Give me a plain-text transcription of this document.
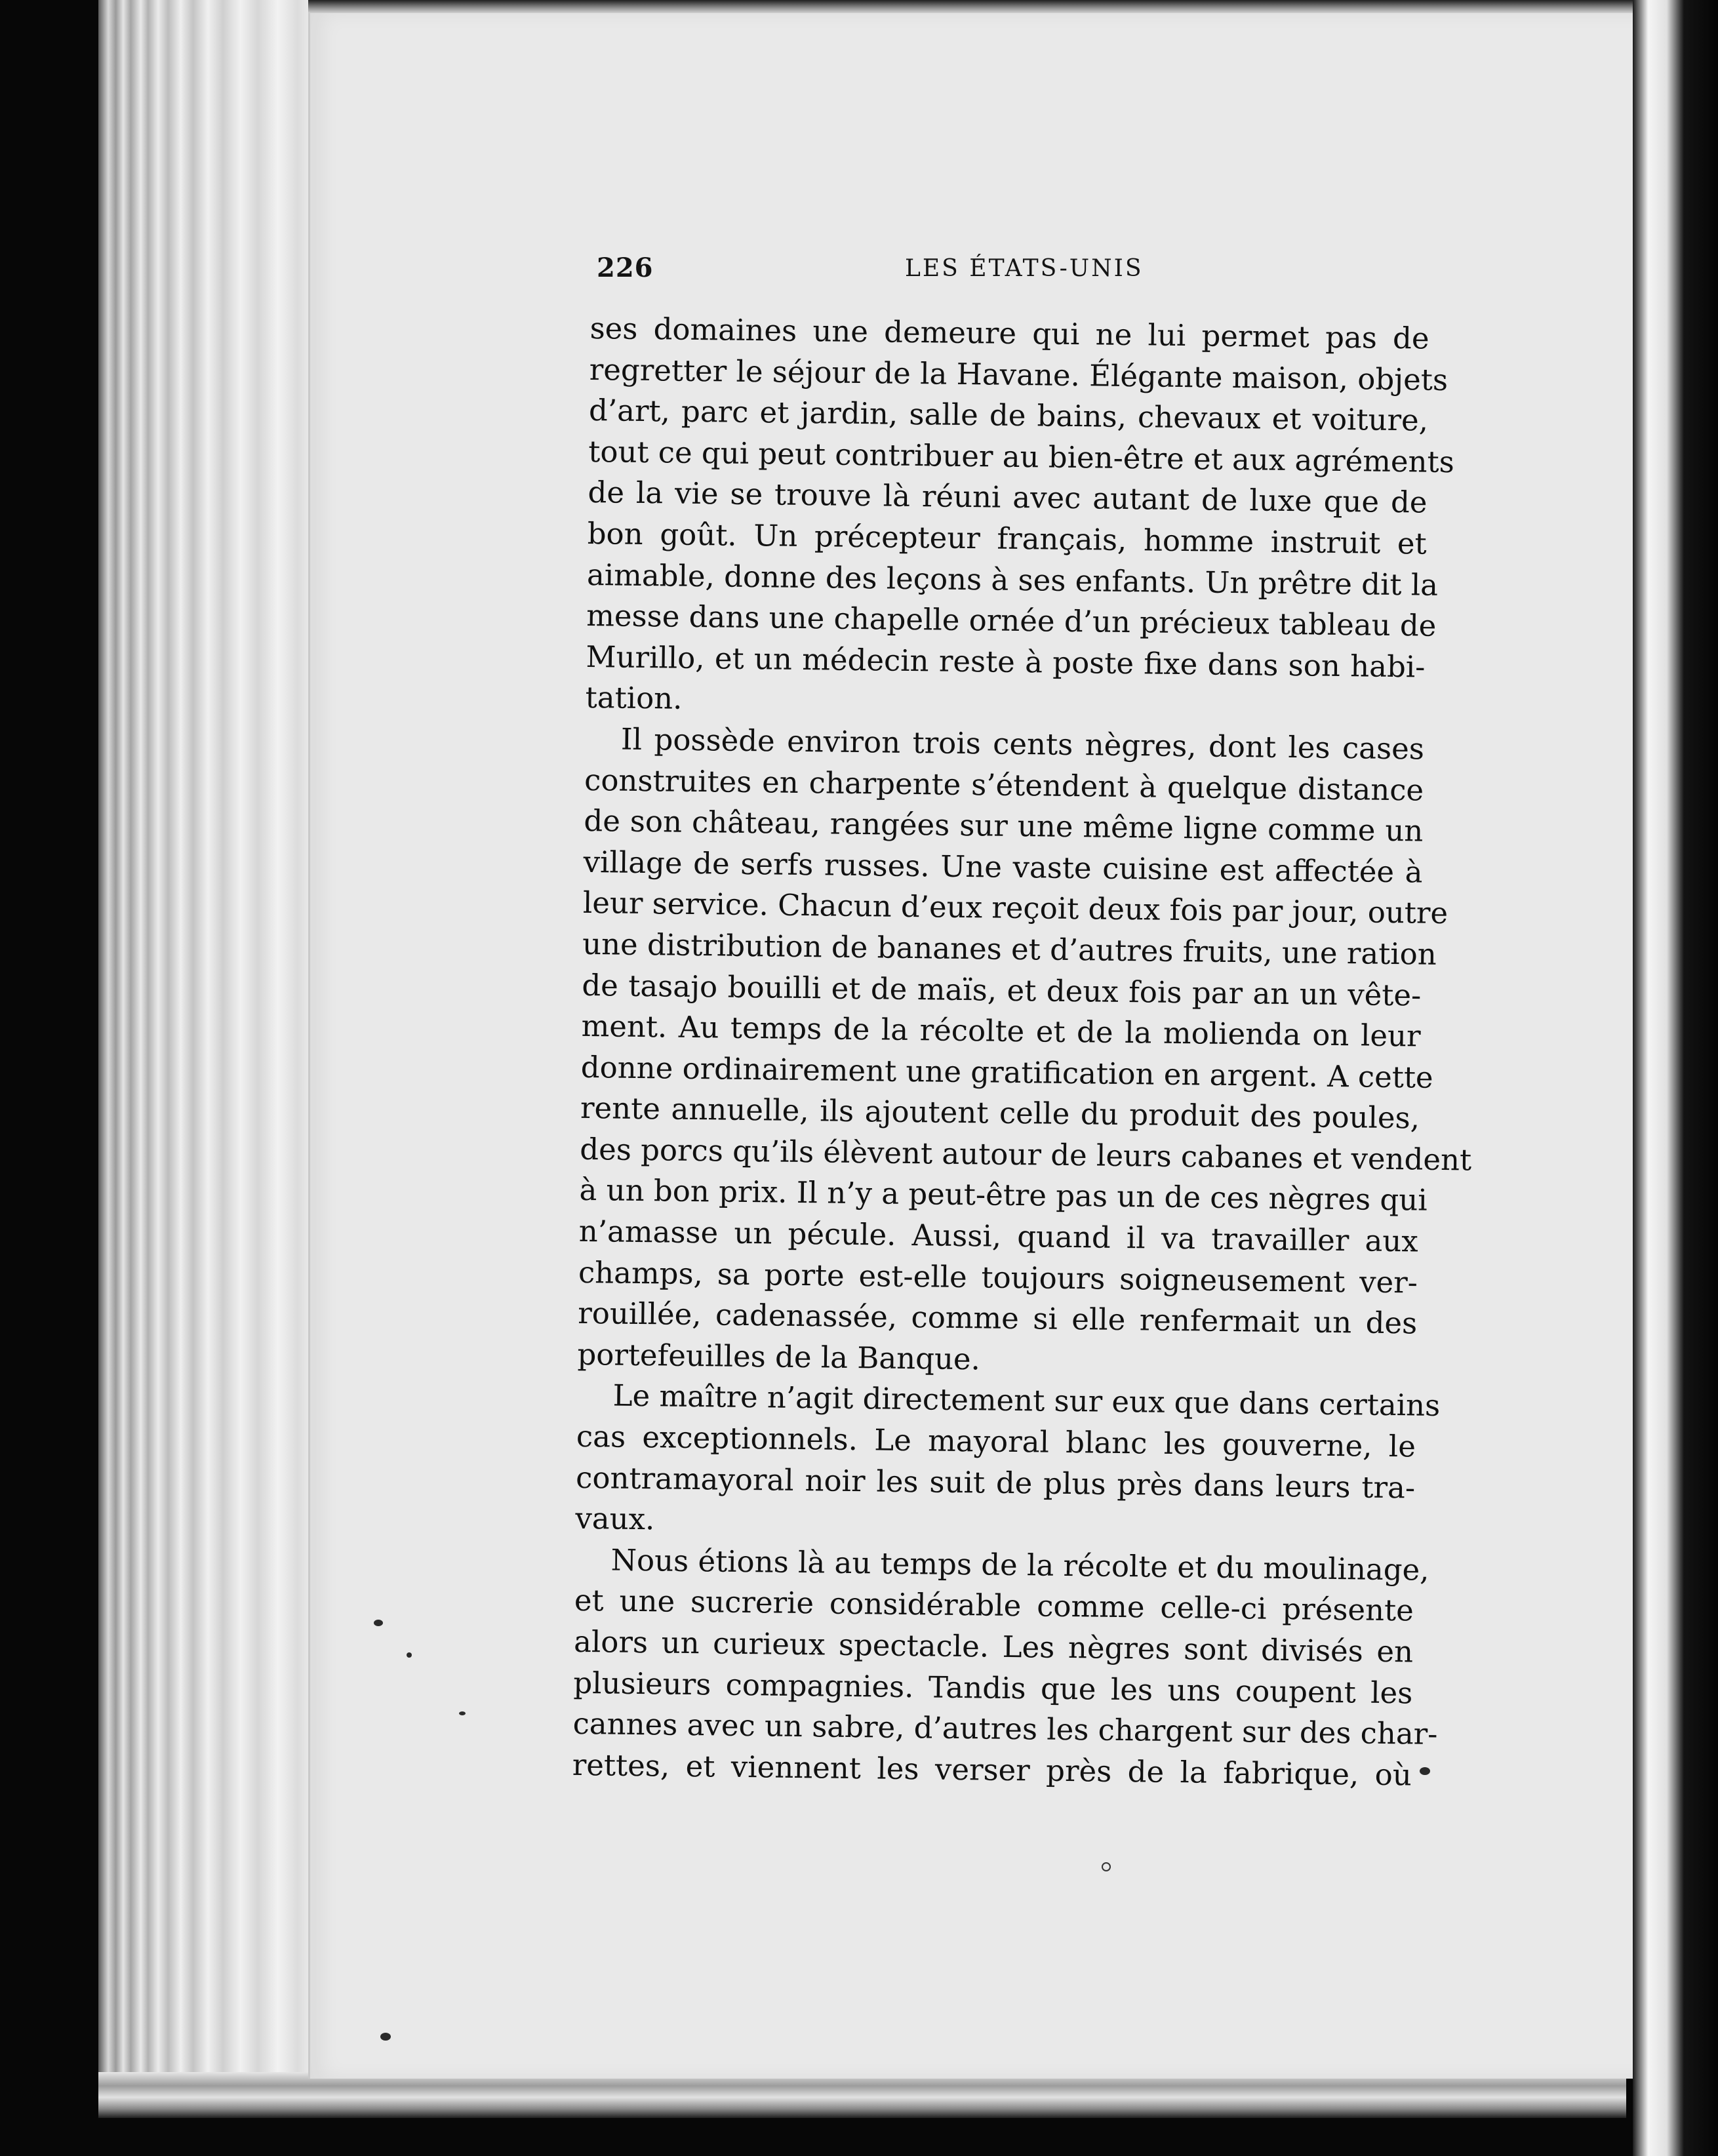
226	LES ÉTATS-UNIS
ses domaines une demeure qui ne lui permet pas de
regretter le séjour de la Havane. Élégante maison, objets
d’art, parc et jardin, salle de bains, chevaux et voiture,
tout ce qui peut contribuer au bien-être et aux agréments
de la vie se trouve là réuni avec autant de luxe que de
bon goût. Un précepteur français, homme instruit et
aimable, donne des leçons à ses enfants. Un prêtre dit la
messe dans une chapelle ornée d’un précieux tableau de
Murillo, et un médecin reste à poste fixe dans son habi-
tation.
Il possède environ trois cents nègres, dont les cases
construites en charpente s’étendent à quelque distance
de son château, rangées sur une même ligne comme un
village de serfs russes. Une vaste cuisine est affectée à
leur service. Chacun d’eux reçoit deux fois par jour, outre
une distribution de bananes et d’autres fruits, une ration
de tasajo bouilli et de maïs, et deux fois par an un vête-
ment. Au temps de la récolte et de la molienda on leur
donne ordinairement une gratification en argent. A cette
rente annuelle, ils ajoutent celle du produit des poules,
des porcs qu’ils élèvent autour de leurs cabanes et vendent
à un bon prix. Il n’y a peut-être pas un de ces nègres qui
n’amasse un pécule. Aussi, quand il va travailler aux
champs, sa porte est-elle toujours soigneusement ver-
rouillée, cadenassée, comme si elle renfermait un des
portefeuilles de la Banque.
Le maître n’agit directement sur eux que dans certains
cas exceptionnels. Le mayoral blanc les gouverne, le
contramayoral noir les suit de plus près dans leurs tra-
vaux.
Nous étions là au temps de la récolte et du moulinage,
et une sucrerie considérable comme celle-ci présente
alors un curieux spectacle. Les nègres sont divisés en
plusieurs compagnies. Tandis que les uns coupent les
cannes avec un sabre, d’autres les chargent sur des char-
rettes, et viennent les verser près de la fabrique, où
